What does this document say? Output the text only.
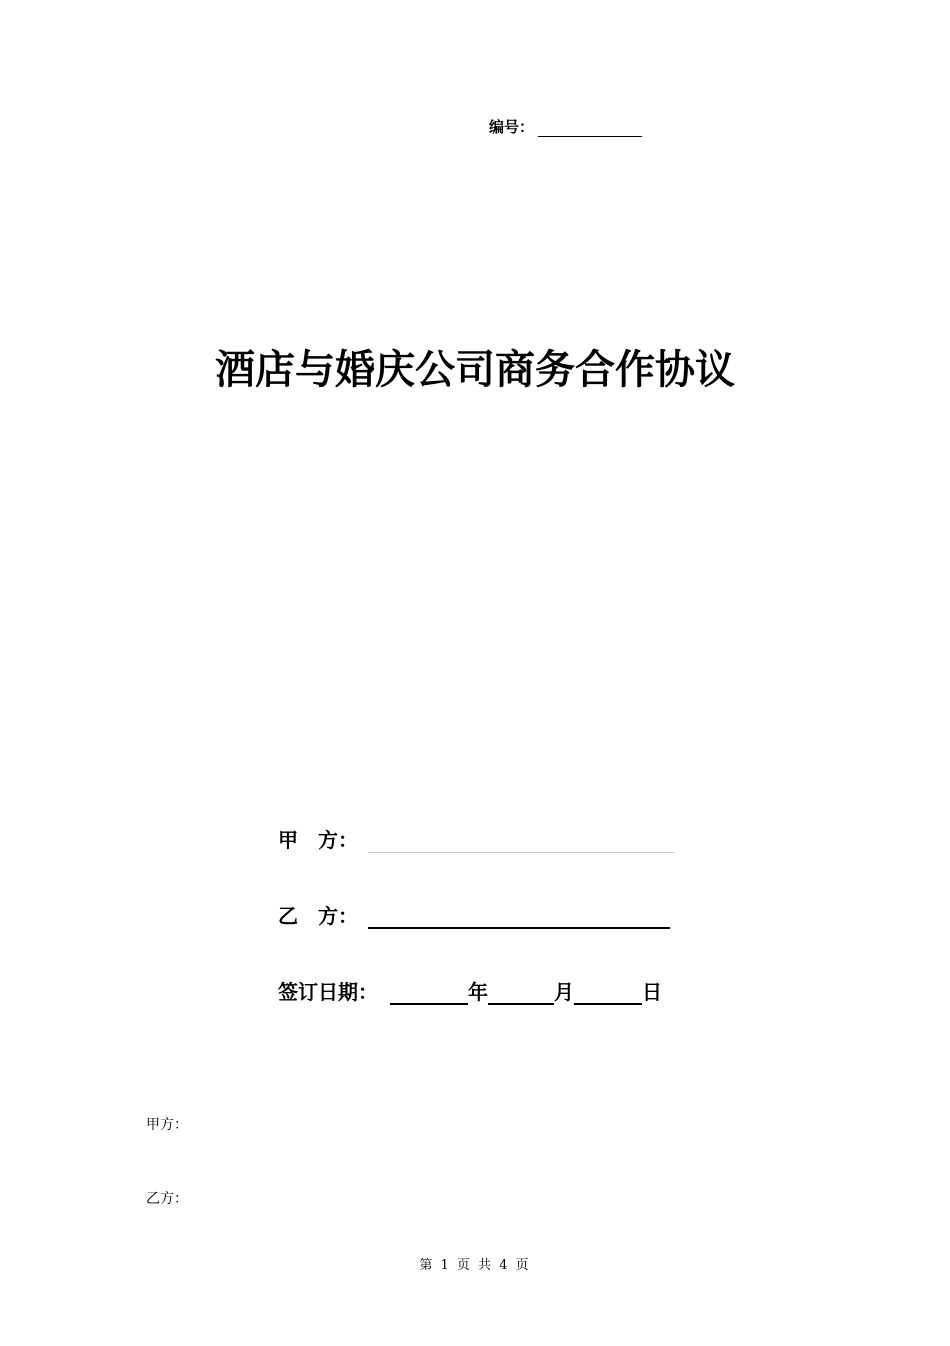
编号：
酒店与婚庆公司商务合作协议
甲　方：
乙　方：
签订日期：	年	月	日
甲方：
乙方：
第 1 页 共 4 页
